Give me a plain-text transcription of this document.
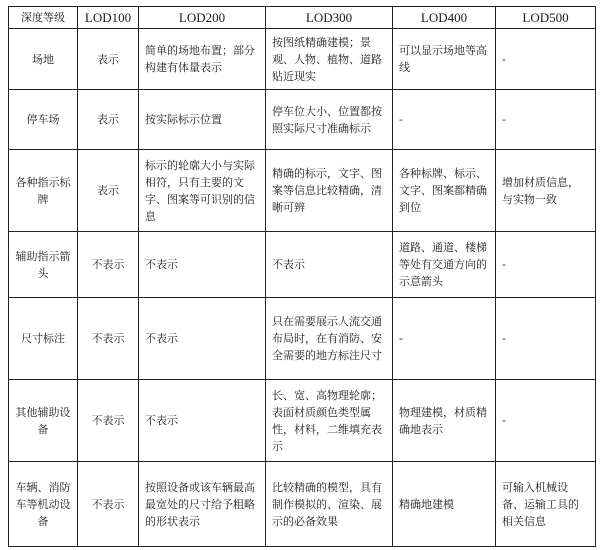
深度等级	LOD100	LOD200	LOD300	LOD400	LOD500
场地	表示	简单的场地布置；部分构建有体量表示	按图纸精确建模；景观、人物、植物、道路贴近现实	可以显示场地等高线	-
停车场	表示	按实际标示位置	停车位大小、位置都按照实际尺寸准确标示	-	-
各种指示标牌	表示	标示的轮廓大小与实际相符，只有主要的文字、图案等可识别的信息	精确的标示，文字、图案等信息比较精确，清晰可辨	各种标牌、标示、文字、图案都精确到位	增加材质信息，与实物一致
辅助指示箭头	不表示	不表示	不表示	道路、通道、楼梯等处有交通方向的示意箭头	-
尺寸标注	不表示	不表示	只在需要展示人流交通布局时，在有消防、安全需要的地方标注尺寸	-	-
其他辅助设备	不表示	不表示	长、宽、高物理轮廓；表面材质颜色类型属性，材料，二维填充表示	物理建模，材质精确地表示	-
车辆、消防车等机动设备	不表示	按照设备或该车辆最高最宽处的尺寸给予粗略的形状表示	比较精确的模型，具有制作模拟的、渲染、展示的必备效果	精确地建模	可输入机械设备、运输工具的相关信息
